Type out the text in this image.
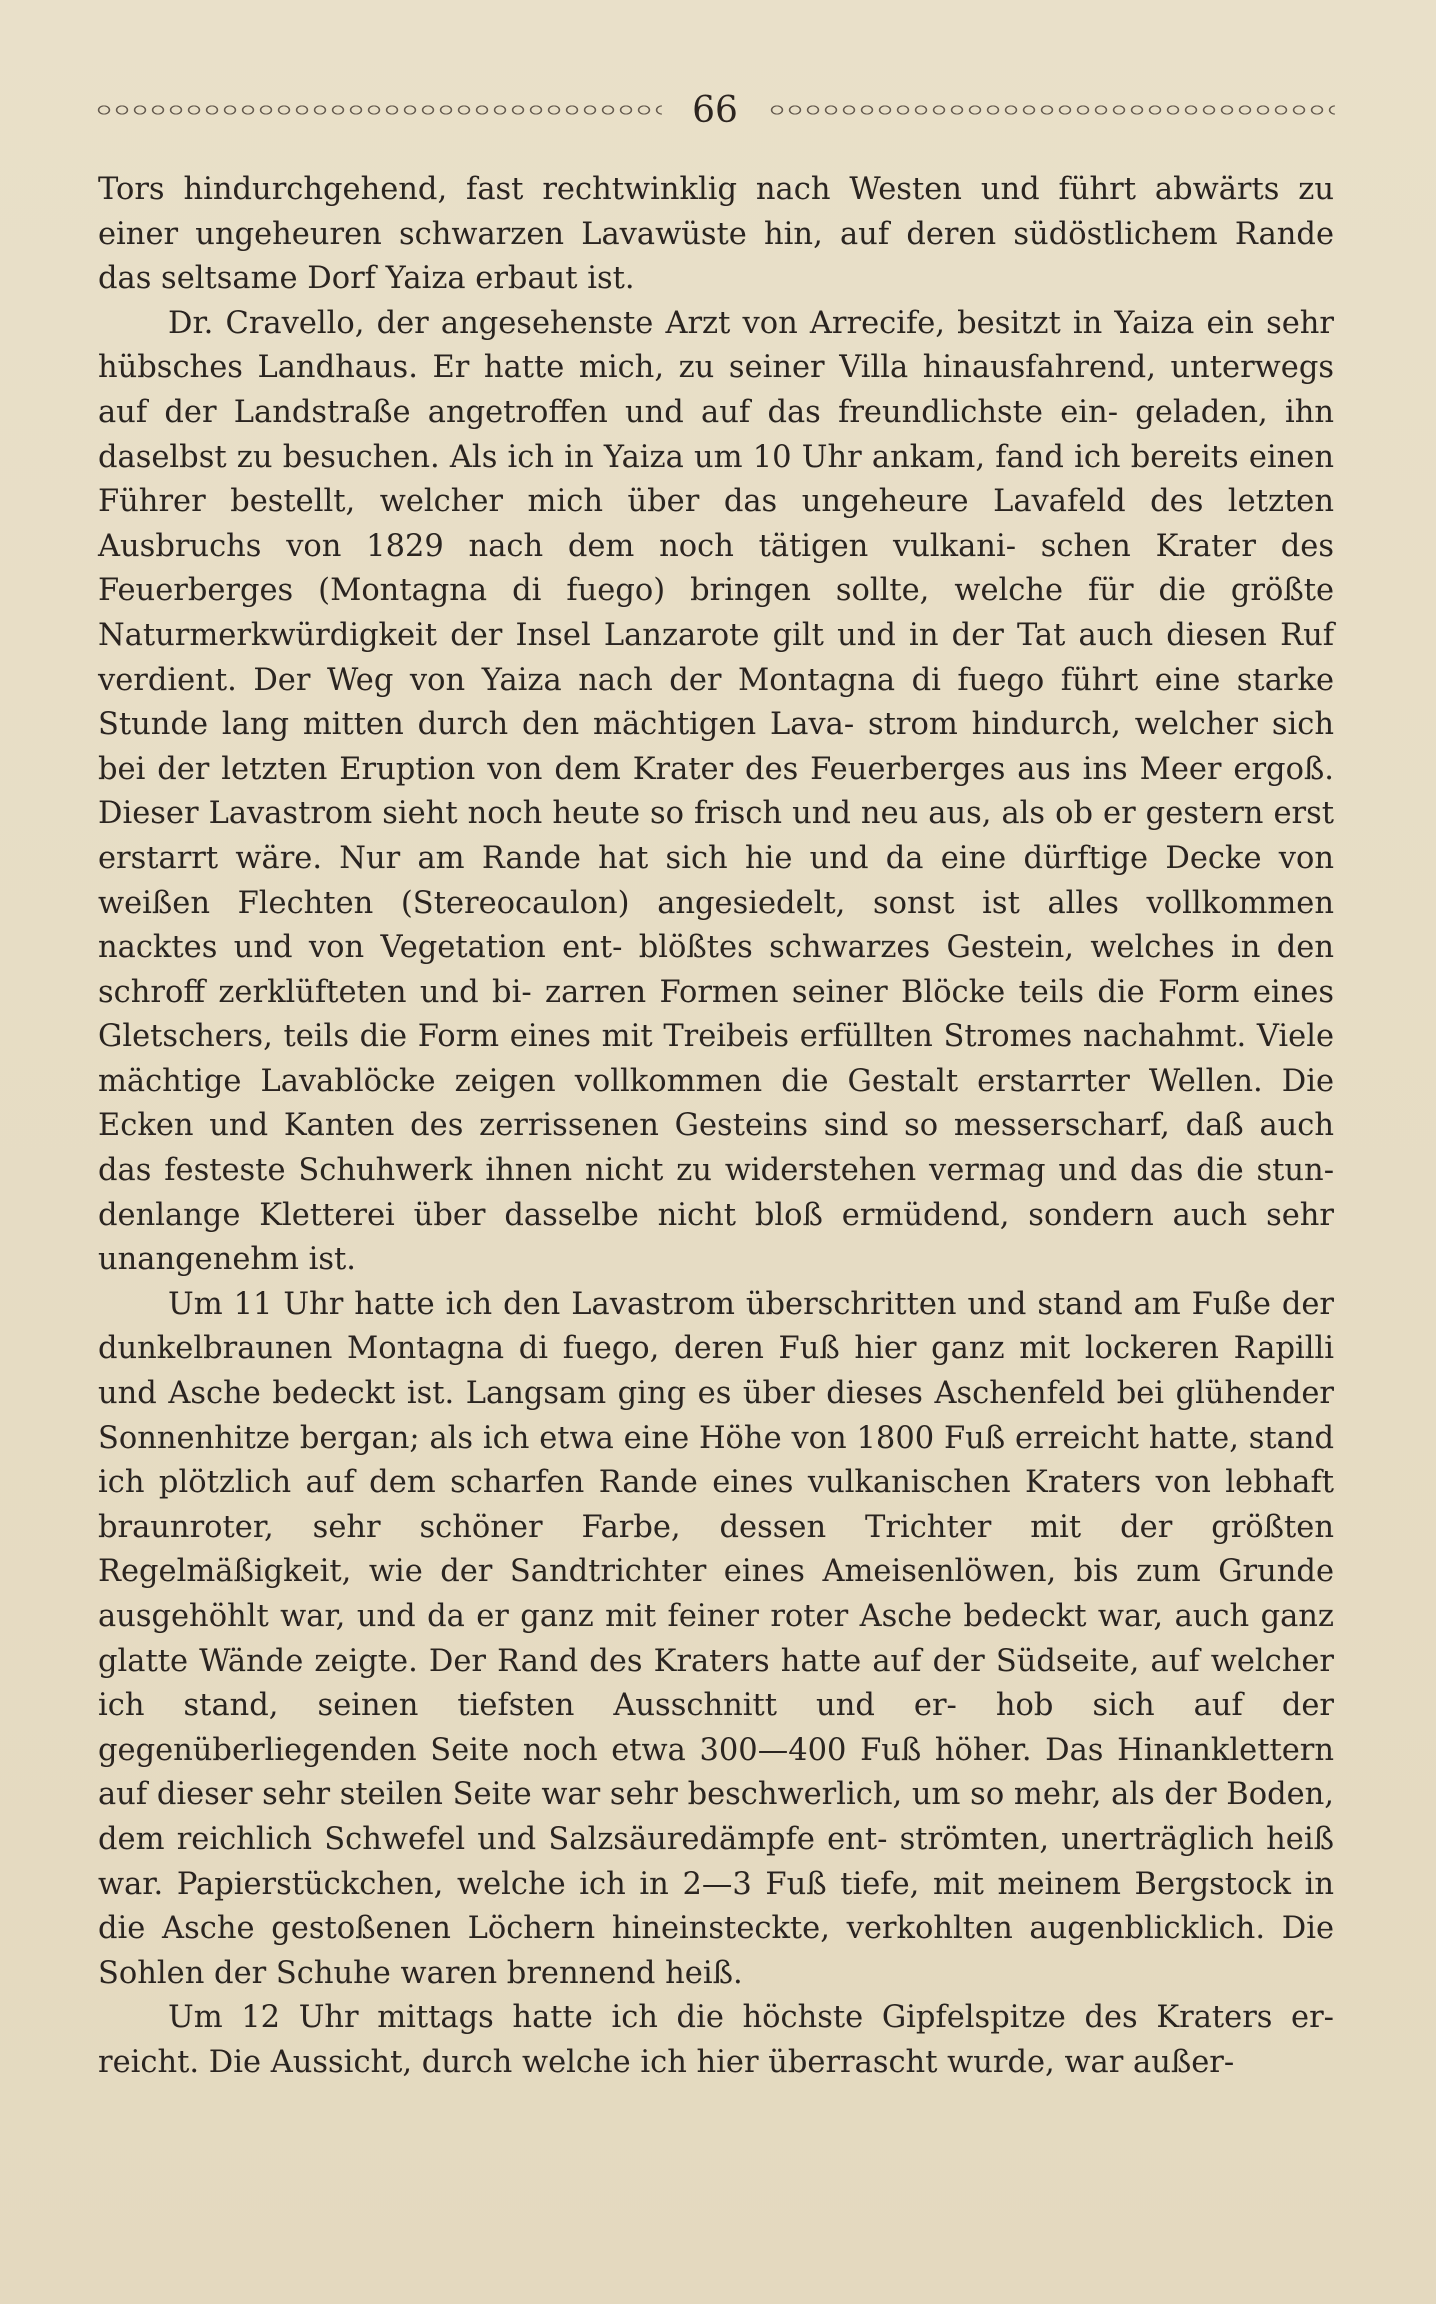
66

Tors hindurchgehend, fast rechtwinklig nach Westen und führt abwärts zu einer ungeheuren schwarzen Lavawüste hin, auf deren südöstlichem Rande das seltsame Dorf Yaiza erbaut ist.

Dr. Cravello, der angesehenste Arzt von Arrecife, besitzt in Yaiza ein sehr hübsches Landhaus. Er hatte mich, zu seiner Villa hinausfahrend, unterwegs auf der Landstraße angetroffen und auf das freundlichste ein- geladen, ihn daselbst zu besuchen. Als ich in Yaiza um 10 Uhr ankam, fand ich bereits einen Führer bestellt, welcher mich über das ungeheure Lavafeld des letzten Ausbruchs von 1829 nach dem noch tätigen vulkani- schen Krater des Feuerberges (Montagna di fuego) bringen sollte, welche für die größte Naturmerkwürdigkeit der Insel Lanzarote gilt und in der Tat auch diesen Ruf verdient. Der Weg von Yaiza nach der Montagna di fuego führt eine starke Stunde lang mitten durch den mächtigen Lava- strom hindurch, welcher sich bei der letzten Eruption von dem Krater des Feuerberges aus ins Meer ergoß. Dieser Lavastrom sieht noch heute so frisch und neu aus, als ob er gestern erst erstarrt wäre. Nur am Rande hat sich hie und da eine dürftige Decke von weißen Flechten (Stereocaulon) angesiedelt, sonst ist alles vollkommen nacktes und von Vegetation ent- blößtes schwarzes Gestein, welches in den schroff zerklüfteten und bi- zarren Formen seiner Blöcke teils die Form eines Gletschers, teils die Form eines mit Treibeis erfüllten Stromes nachahmt. Viele mächtige Lavablöcke zeigen vollkommen die Gestalt erstarrter Wellen. Die Ecken und Kanten des zerrissenen Gesteins sind so messerscharf, daß auch das festeste Schuhwerk ihnen nicht zu widerstehen vermag und das die stun- denlange Kletterei über dasselbe nicht bloß ermüdend, sondern auch sehr unangenehm ist.

Um 11 Uhr hatte ich den Lavastrom überschritten und stand am Fuße der dunkelbraunen Montagna di fuego, deren Fuß hier ganz mit lockeren Rapilli und Asche bedeckt ist. Langsam ging es über dieses Aschenfeld bei glühender Sonnenhitze bergan; als ich etwa eine Höhe von 1800 Fuß erreicht hatte, stand ich plötzlich auf dem scharfen Rande eines vulkanischen Kraters von lebhaft braunroter, sehr schöner Farbe, dessen Trichter mit der größten Regelmäßigkeit, wie der Sandtrichter eines Ameisenlöwen, bis zum Grunde ausgehöhlt war, und da er ganz mit feiner roter Asche bedeckt war, auch ganz glatte Wände zeigte. Der Rand des Kraters hatte auf der Südseite, auf welcher ich stand, seinen tiefsten Ausschnitt und er- hob sich auf der gegenüberliegenden Seite noch etwa 300—400 Fuß höher. Das Hinanklettern auf dieser sehr steilen Seite war sehr beschwerlich, um so mehr, als der Boden, dem reichlich Schwefel und Salzsäuredämpfe ent- strömten, unerträglich heiß war. Papierstückchen, welche ich in 2—3 Fuß tiefe, mit meinem Bergstock in die Asche gestoßenen Löchern hineinsteckte, verkohlten augenblicklich. Die Sohlen der Schuhe waren brennend heiß.

Um 12 Uhr mittags hatte ich die höchste Gipfelspitze des Kraters er- reicht. Die Aussicht, durch welche ich hier überrascht wurde, war außer-
